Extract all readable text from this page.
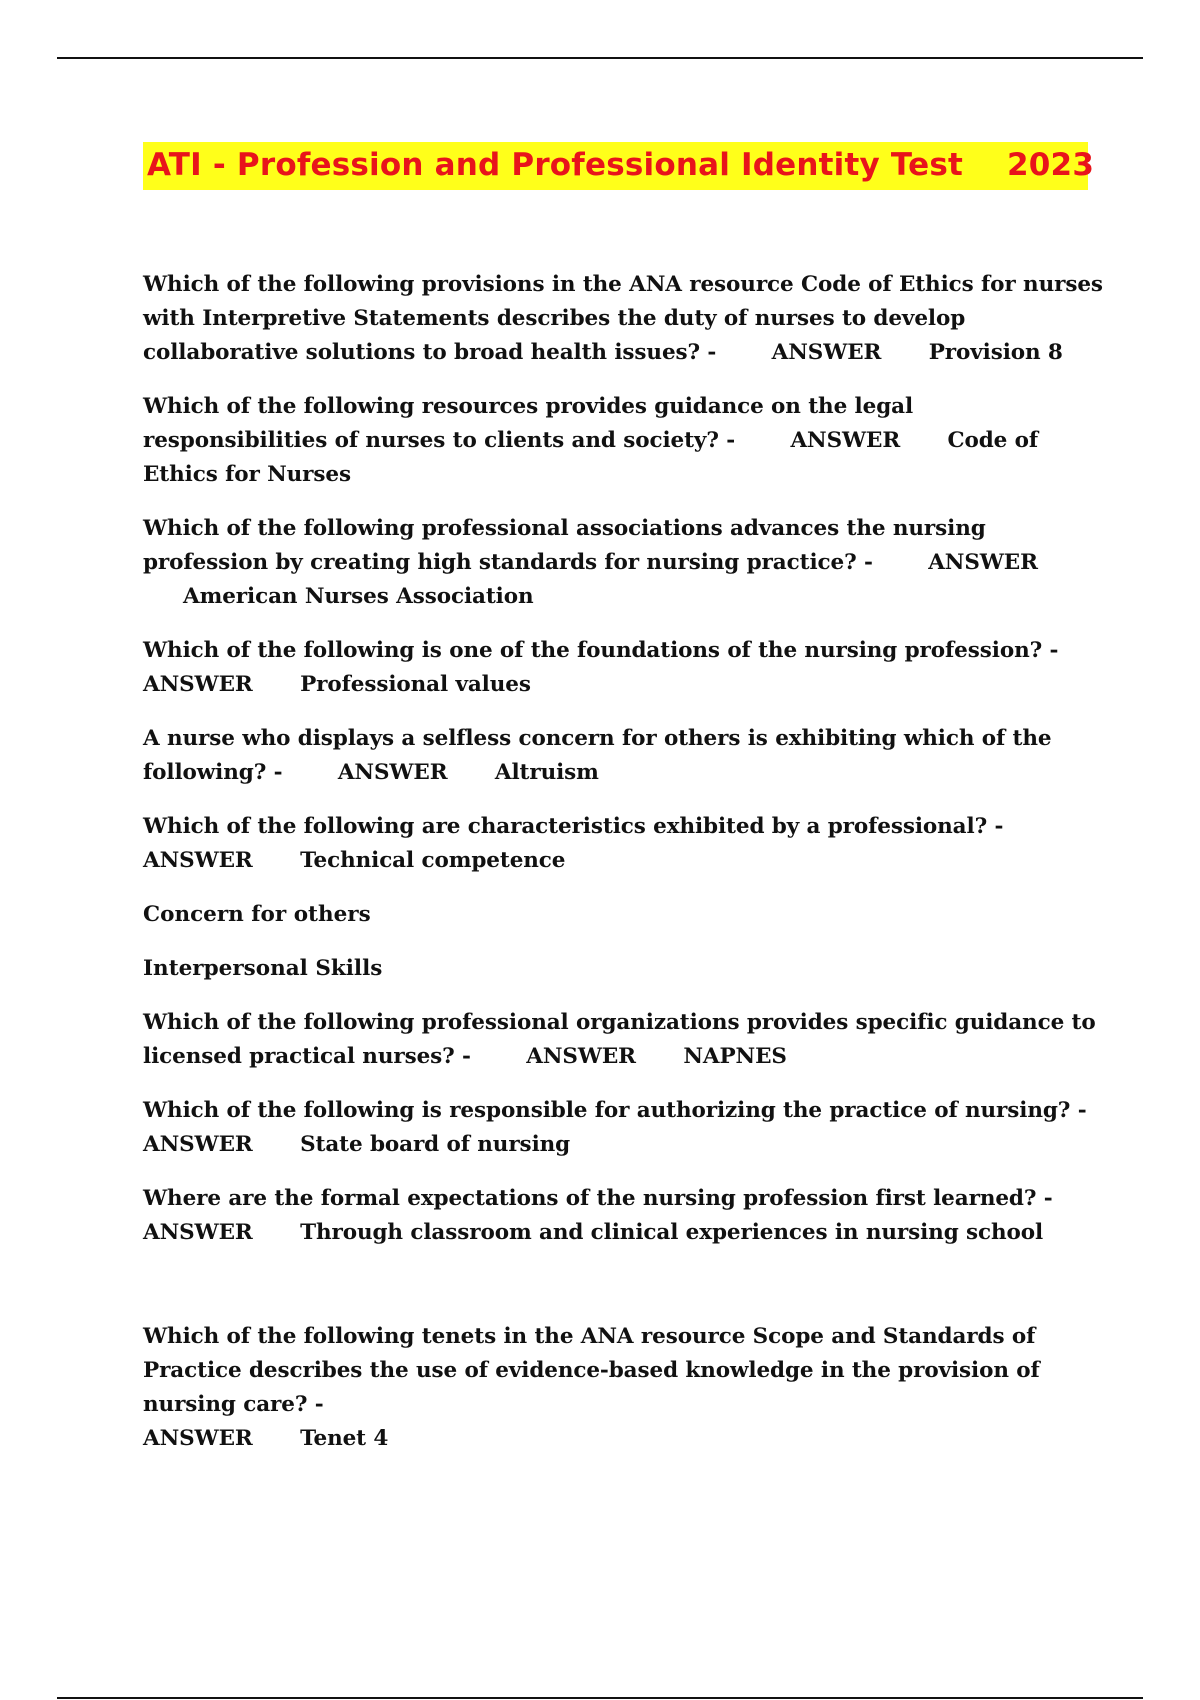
ATI - Profession and Professional Identity Test    2023
Which of the following provisions in the ANA resource Code of Ethics for nurses with Interpretive Statements describes the duty of nurses to develop collaborative solutions to broad health issues? -	ANSWER Provision 8
Which of the following resources provides guidance on the legal responsibilities of nurses to clients and society? -	ANSWER Code of Ethics for Nurses
Which of the following professional associations advances the nursing profession by creating high standards for nursing practice? -	ANSWER American Nurses Association
Which of the following is one of the foundations of the nursing profession? -
ANSWER Professional values
A nurse who displays a selfless concern for others is exhibiting which of the following? -	ANSWER Altruism
Which of the following are characteristics exhibited by a professional? -
ANSWER Technical competence
Concern for others
Interpersonal Skills
Which of the following professional organizations provides specific guidance to licensed practical nurses? -	ANSWER NAPNES
Which of the following is responsible for authorizing the practice of nursing? -
ANSWER State board of nursing
Where are the formal expectations of the nursing profession first learned? -
ANSWER Through classroom and clinical experiences in nursing school
Which of the following tenets in the ANA resource Scope and Standards of Practice describes the use of evidence-based knowledge in the provision of nursing care? -
ANSWER Tenet 4
